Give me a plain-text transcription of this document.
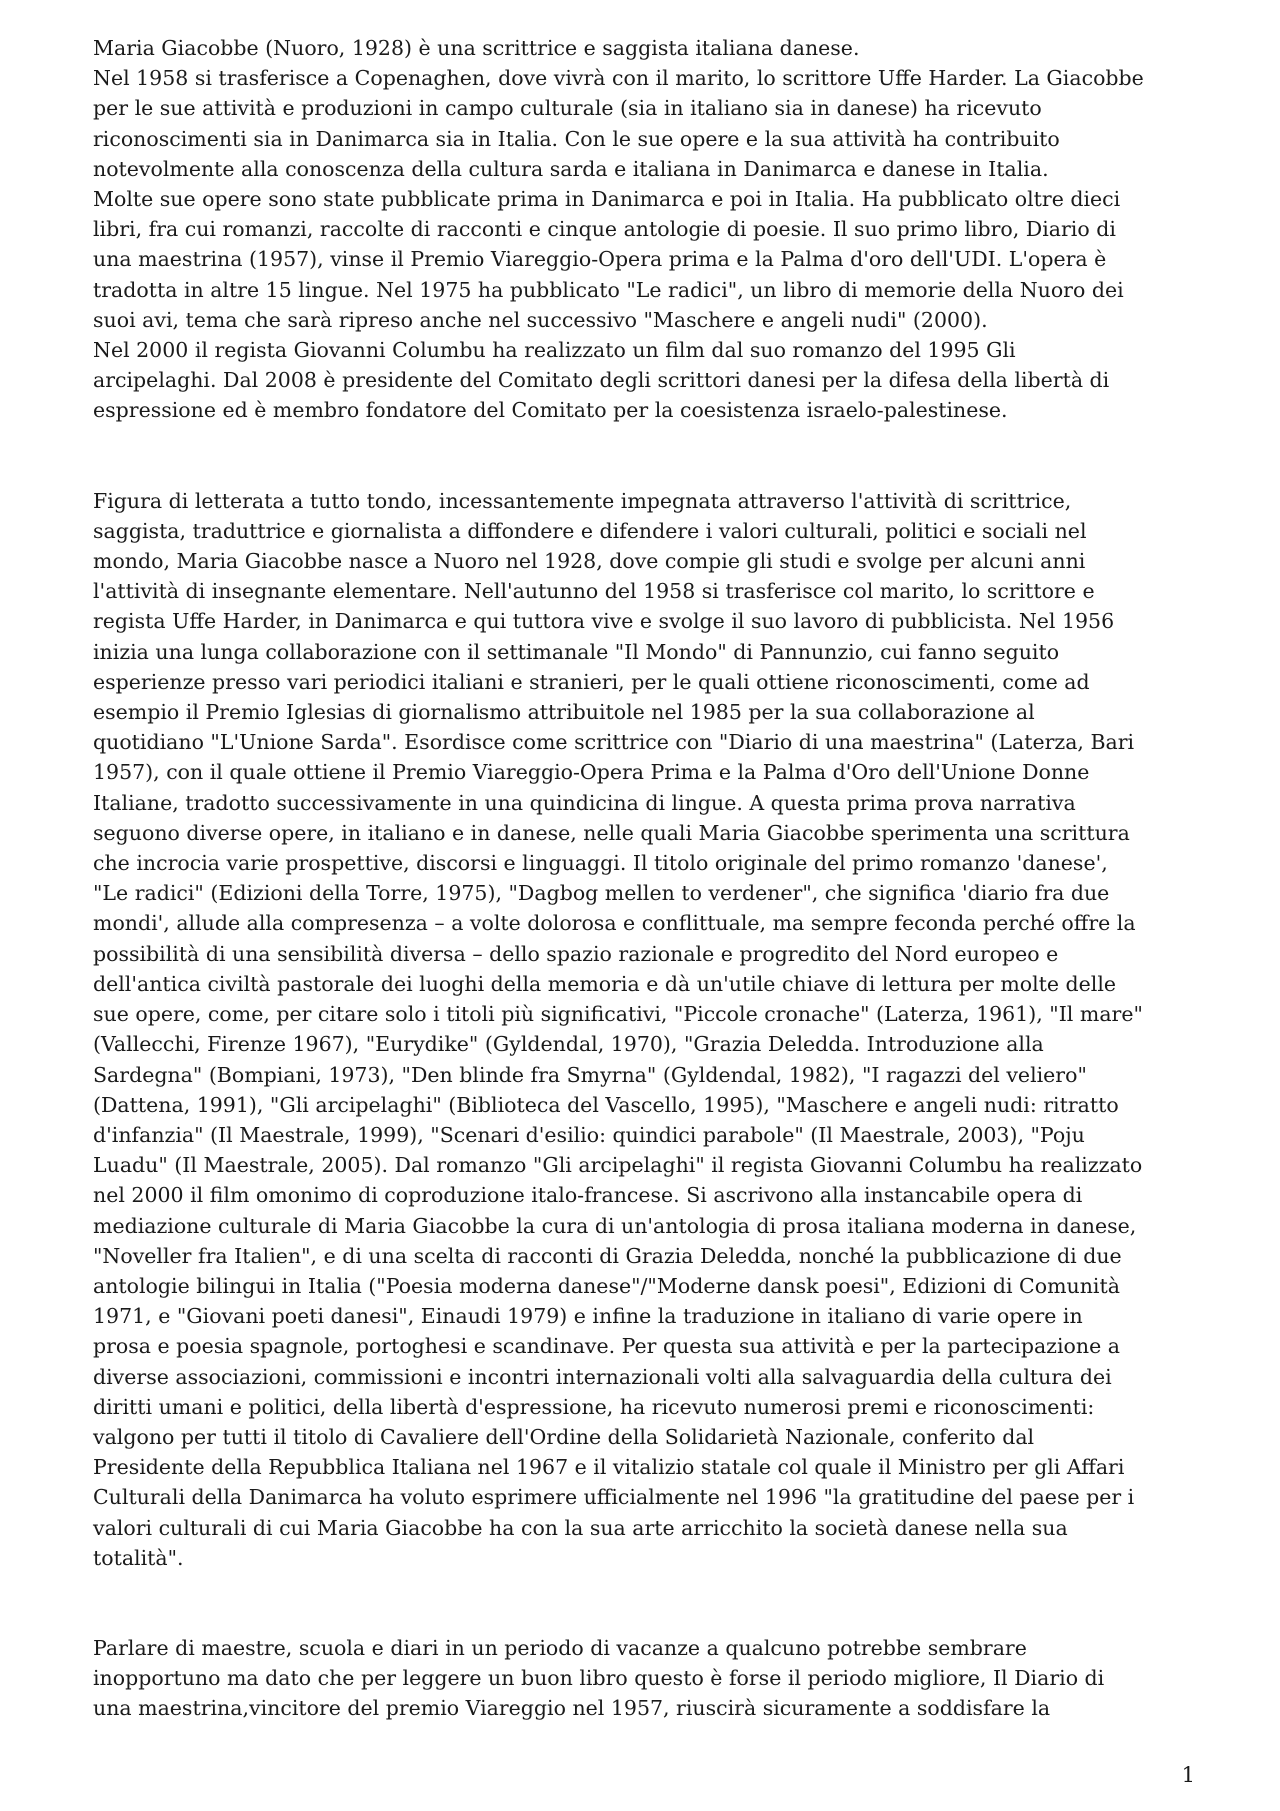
Maria Giacobbe (Nuoro, 1928) è una scrittrice e saggista italiana danese.
Nel 1958 si trasferisce a Copenaghen, dove vivrà con il marito, lo scrittore Uffe Harder. La Giacobbe
per le sue attività e produzioni in campo culturale (sia in italiano sia in danese) ha ricevuto
riconoscimenti sia in Danimarca sia in Italia. Con le sue opere e la sua attività ha contribuito
notevolmente alla conoscenza della cultura sarda e italiana in Danimarca e danese in Italia.
Molte sue opere sono state pubblicate prima in Danimarca e poi in Italia. Ha pubblicato oltre dieci
libri, fra cui romanzi, raccolte di racconti e cinque antologie di poesie. Il suo primo libro, Diario di
una maestrina (1957), vinse il Premio Viareggio-Opera prima e la Palma d'oro dell'UDI. L'opera è
tradotta in altre 15 lingue. Nel 1975 ha pubblicato "Le radici", un libro di memorie della Nuoro dei
suoi avi, tema che sarà ripreso anche nel successivo "Maschere e angeli nudi" (2000).
Nel 2000 il regista Giovanni Columbu ha realizzato un film dal suo romanzo del 1995 Gli
arcipelaghi. Dal 2008 è presidente del Comitato degli scrittori danesi per la difesa della libertà di
espressione ed è membro fondatore del Comitato per la coesistenza israelo-palestinese.

Figura di letterata a tutto tondo, incessantemente impegnata attraverso l'attività di scrittrice,
saggista, traduttrice e giornalista a diffondere e difendere i valori culturali, politici e sociali nel
mondo, Maria Giacobbe nasce a Nuoro nel 1928, dove compie gli studi e svolge per alcuni anni
l'attività di insegnante elementare. Nell'autunno del 1958 si trasferisce col marito, lo scrittore e
regista Uffe Harder, in Danimarca e qui tuttora vive e svolge il suo lavoro di pubblicista. Nel 1956
inizia una lunga collaborazione con il settimanale "Il Mondo" di Pannunzio, cui fanno seguito
esperienze presso vari periodici italiani e stranieri, per le quali ottiene riconoscimenti, come ad
esempio il Premio Iglesias di giornalismo attribuitole nel 1985 per la sua collaborazione al
quotidiano "L'Unione Sarda". Esordisce come scrittrice con "Diario di una maestrina" (Laterza, Bari
1957), con il quale ottiene il Premio Viareggio-Opera Prima e la Palma d'Oro dell'Unione Donne
Italiane, tradotto successivamente in una quindicina di lingue. A questa prima prova narrativa
seguono diverse opere, in italiano e in danese, nelle quali Maria Giacobbe sperimenta una scrittura
che incrocia varie prospettive, discorsi e linguaggi. Il titolo originale del primo romanzo 'danese',
"Le radici" (Edizioni della Torre, 1975), "Dagbog mellen to verdener", che significa 'diario fra due
mondi', allude alla compresenza – a volte dolorosa e conflittuale, ma sempre feconda perché offre la
possibilità di una sensibilità diversa – dello spazio razionale e progredito del Nord europeo e
dell'antica civiltà pastorale dei luoghi della memoria e dà un'utile chiave di lettura per molte delle
sue opere, come, per citare solo i titoli più significativi, "Piccole cronache" (Laterza, 1961), "Il mare"
(Vallecchi, Firenze 1967), "Eurydike" (Gyldendal, 1970), "Grazia Deledda. Introduzione alla
Sardegna" (Bompiani, 1973), "Den blinde fra Smyrna" (Gyldendal, 1982), "I ragazzi del veliero"
(Dattena, 1991), "Gli arcipelaghi" (Biblioteca del Vascello, 1995), "Maschere e angeli nudi: ritratto
d'infanzia" (Il Maestrale, 1999), "Scenari d'esilio: quindici parabole" (Il Maestrale, 2003), "Poju
Luadu" (Il Maestrale, 2005). Dal romanzo "Gli arcipelaghi" il regista Giovanni Columbu ha realizzato
nel 2000 il film omonimo di coproduzione italo-francese. Si ascrivono alla instancabile opera di
mediazione culturale di Maria Giacobbe la cura di un'antologia di prosa italiana moderna in danese,
"Noveller fra Italien", e di una scelta di racconti di Grazia Deledda, nonché la pubblicazione di due
antologie bilingui in Italia ("Poesia moderna danese"/"Moderne dansk poesi", Edizioni di Comunità
1971, e "Giovani poeti danesi", Einaudi 1979) e infine la traduzione in italiano di varie opere in
prosa e poesia spagnole, portoghesi e scandinave. Per questa sua attività e per la partecipazione a
diverse associazioni, commissioni e incontri internazionali volti alla salvaguardia della cultura dei
diritti umani e politici, della libertà d'espressione, ha ricevuto numerosi premi e riconoscimenti:
valgono per tutti il titolo di Cavaliere dell'Ordine della Solidarietà Nazionale, conferito dal
Presidente della Repubblica Italiana nel 1967 e il vitalizio statale col quale il Ministro per gli Affari
Culturali della Danimarca ha voluto esprimere ufficialmente nel 1996 "la gratitudine del paese per i
valori culturali di cui Maria Giacobbe ha con la sua arte arricchito la società danese nella sua
totalità".

Parlare di maestre, scuola e diari in un periodo di vacanze a qualcuno potrebbe sembrare
inopportuno ma dato che per leggere un buon libro questo è forse il periodo migliore, Il Diario di
una maestrina,vincitore del premio Viareggio nel 1957, riuscirà sicuramente a soddisfare la

1
